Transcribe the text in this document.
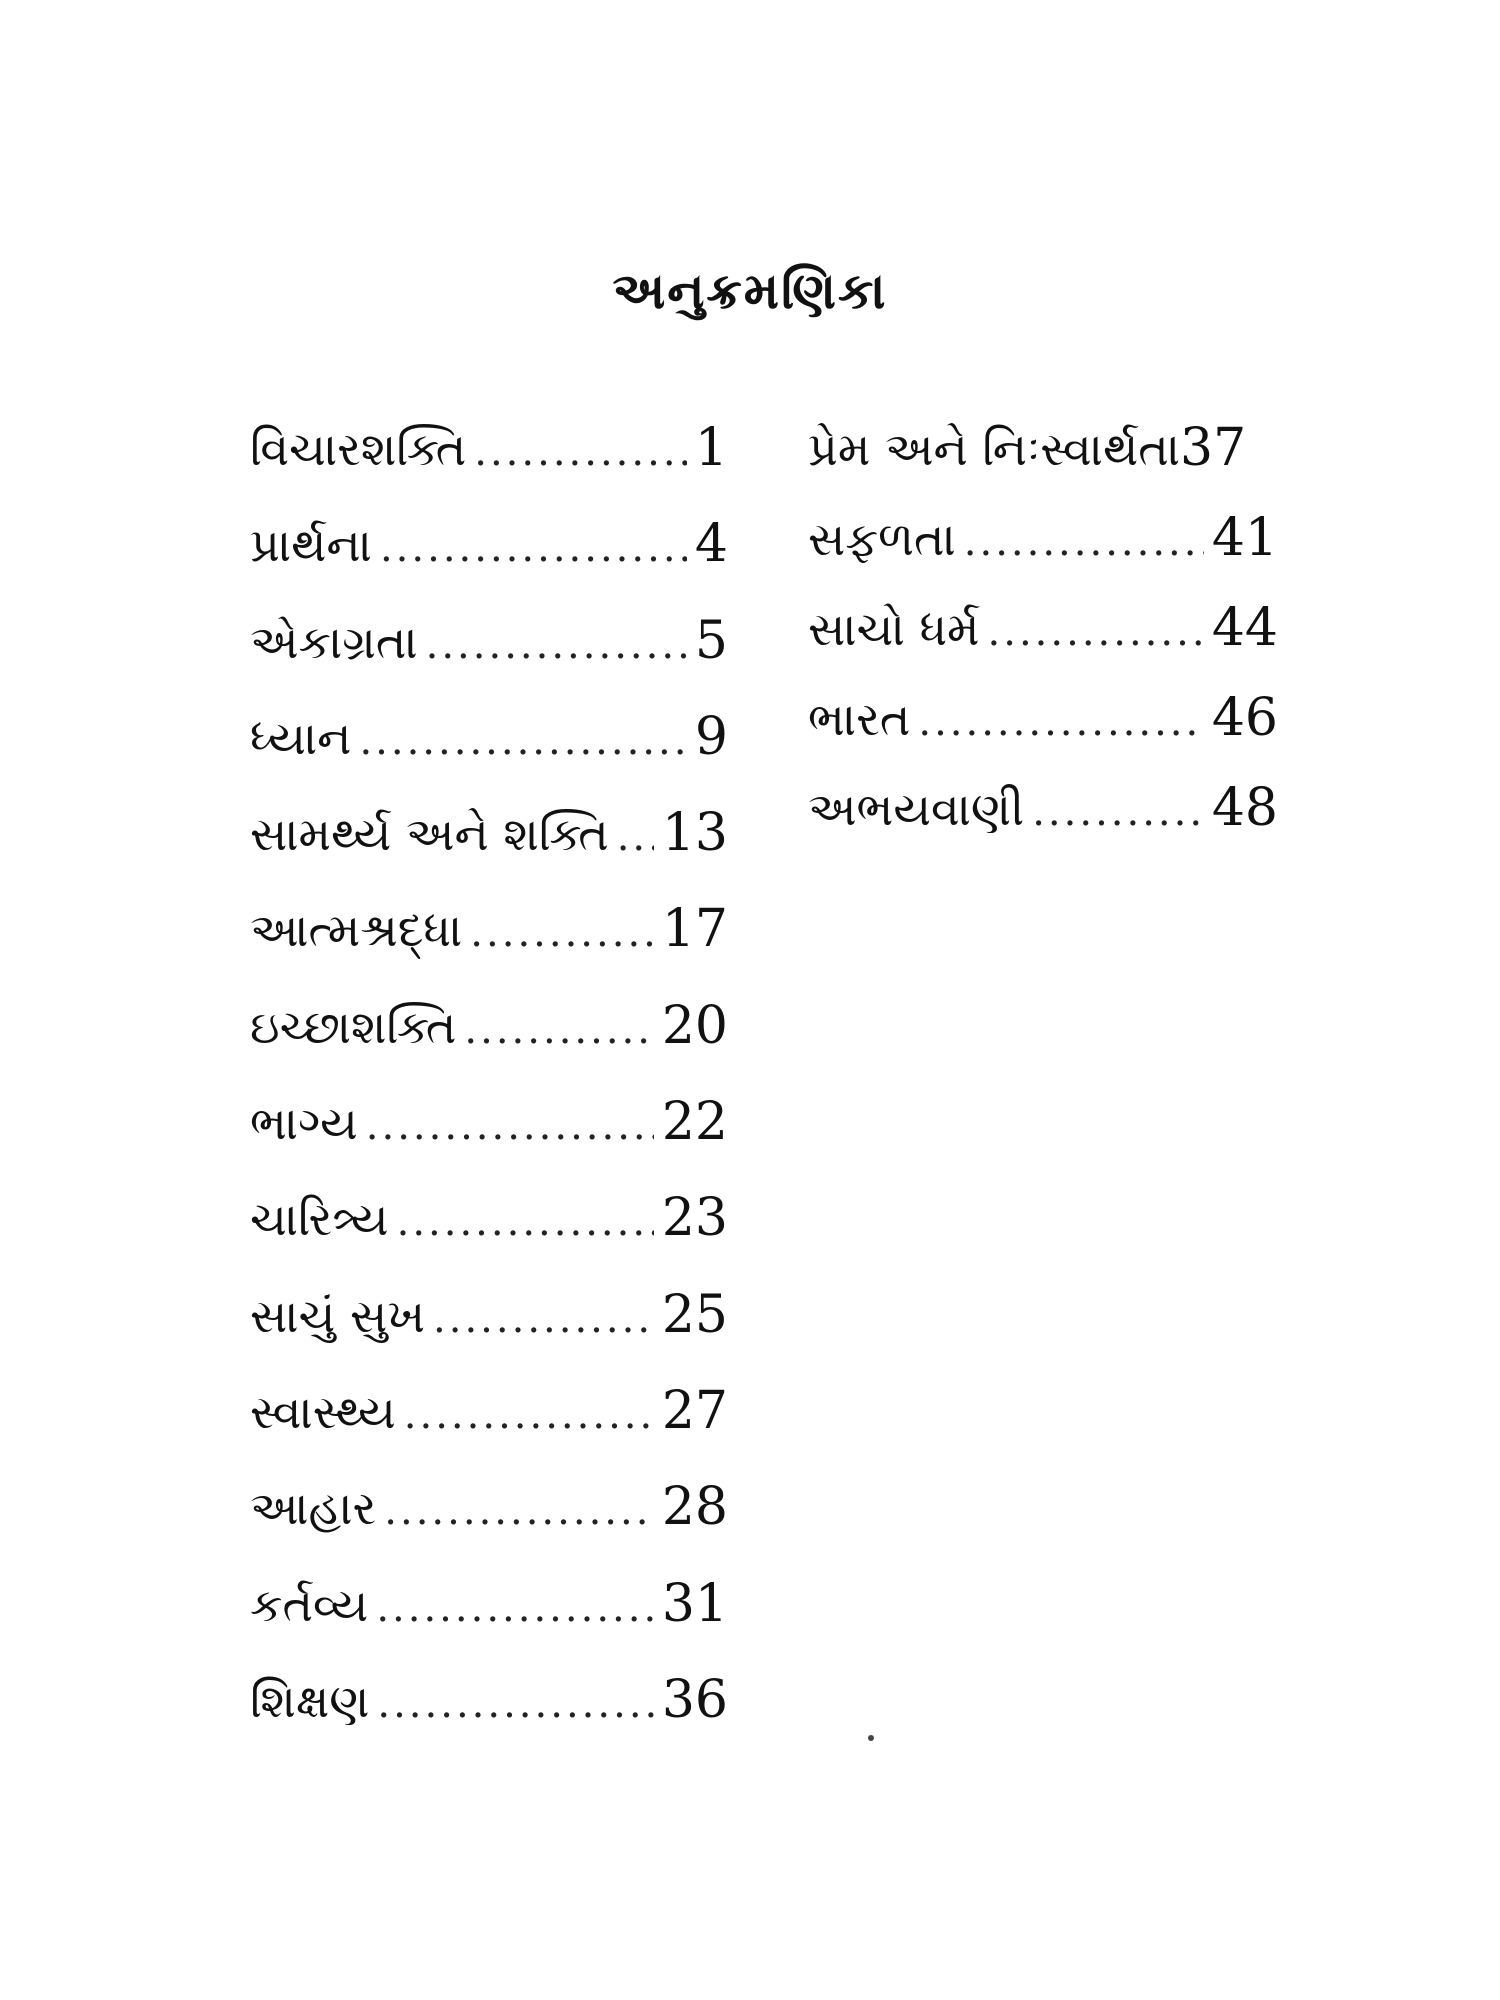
અનુક્રમણિકા
વિચારશક્તિ .....	1
પ્રાર્થના .....	4
એકાગ્રતા .....	5
ધ્યાન .....	9
સામર્થ્ય અને શક્તિ ..... 13
આત્મશ્રદ્ધા .....	17
ઇચ્છાશક્તિ .....	20
ભાગ્ય .....	22
ચારિત્ર્ય .....	23
સાચું સુખ .....	25
સ્વાસ્થ્ય .....	27
આહાર .....	28
કર્તવ્ય .....	31
શિક્ષણ .....	36
પ્રેમ અને નિઃસ્વાર્થતા 37
સફળતા .....	41
સાચો ધર્મ .....	44
ભારત .....	46
અભયવાણી .....	48
